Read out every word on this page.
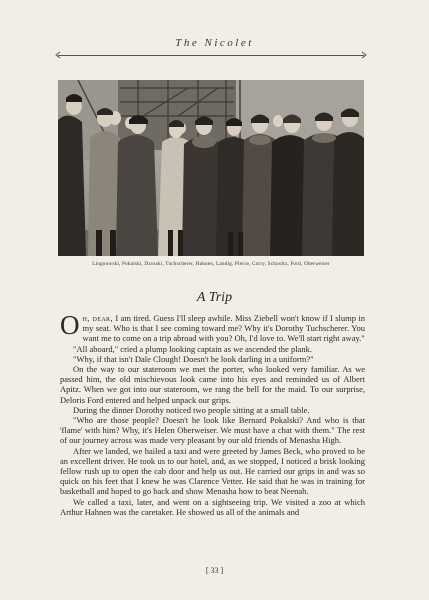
The Nicolet
Lingnowski, Pokalski, Dzosski, Tuchscherer, Hahnen, Landig, Pierce, Corry, Schoultz, Ford, Oberweiser
A Trip

Oh, dear, I am tired. Guess I'll sleep awhile. Miss Ziebell won't know if I slump in my seat. Who is that I see coming toward me? Why it's Dorothy Tuchscherer. You want me to come on a trip abroad with you? Oh, I'd love to. We'll start right away."

"All aboard," cried a plump looking captain as we ascended the plank.

"Why, if that isn't Dale Clough! Doesn't he look darling in a uniform?"

On the way to our stateroom we met the porter, who looked very familiar. As we passed him, the old mischievous look came into his eyes and reminded us of Albert Apitz. When we got into our stateroom, we rang the bell for the maid. To our surprise, Deloris Ford entered and helped unpack our grips.

During the dinner Dorothy noticed two people sitting at a small table.

"Who are those people? Doesn't he look like Bernard Pokalski? And who is that 'flame' with him? Why, it's Helen Oberweiser. We must have a chat with them." The rest of our journey across was made very pleasant by our old friends of Menasha High.

After we landed, we hailed a taxi and were greeted by James Beck, who proved to be an excellent driver. He took us to our hotel, and, as we stopped, I noticed a brisk looking fellow rush up to open the cab door and help us out. He carried our grips in and was so quick on his feet that I knew he was Clarence Vetter. He said that he was in training for basketball and hoped to go back and show Menasha how to beat Neenah.

We called a taxi, later, and went on a sightseeing trip. We visited a zoo at which Arthur Hahnen was the caretaker. He showed us all of the animals and

[ 33 ]
